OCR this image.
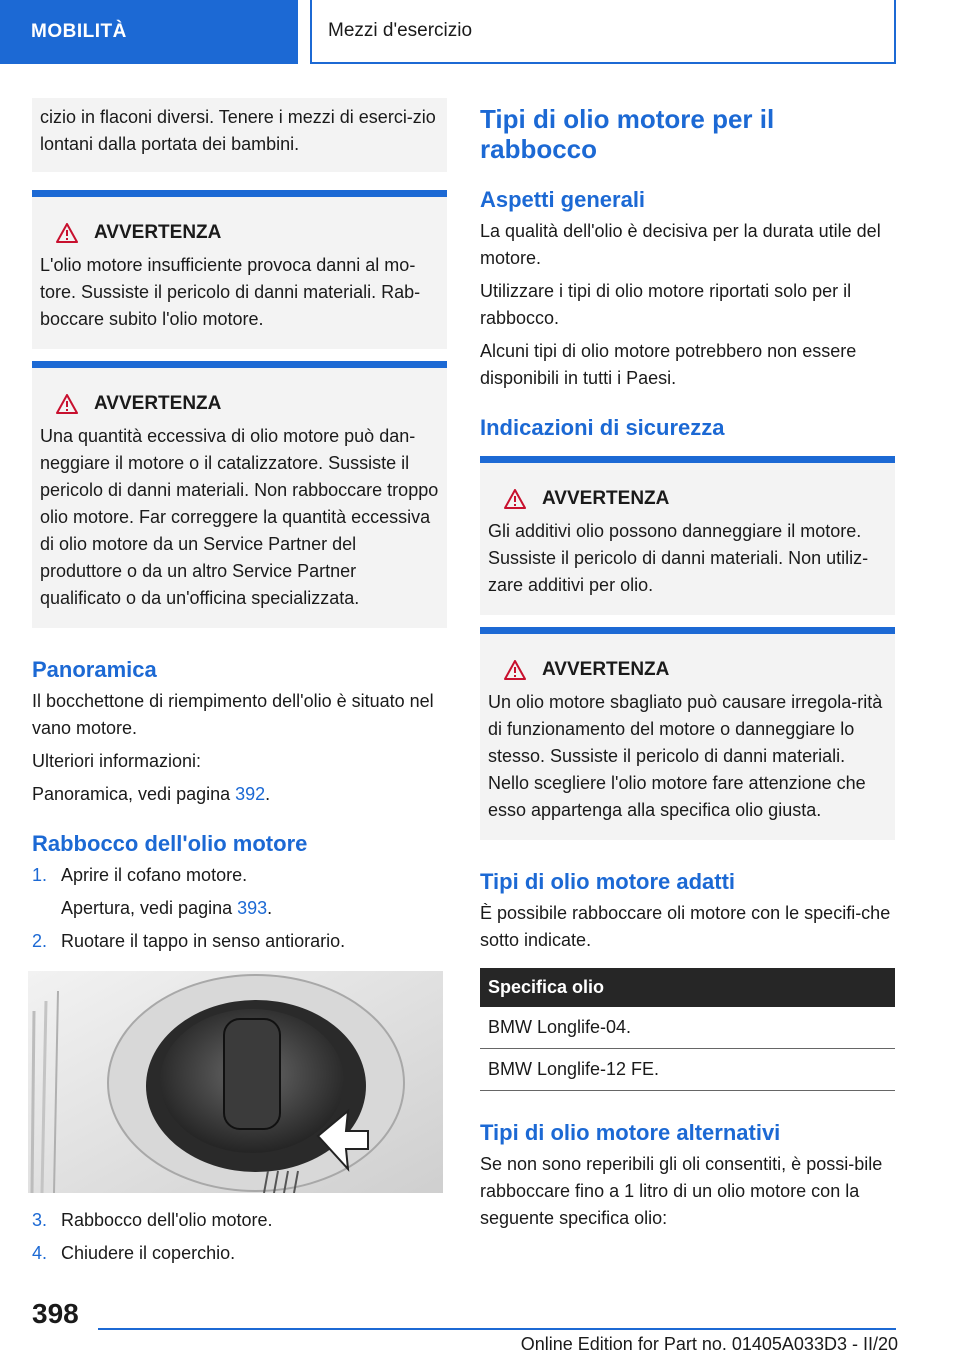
MOBILITÀ	Mezzi d'esercizio
cizio in flaconi diversi. Tenere i mezzi di eserci-zio lontani dalla portata dei bambini.
AVVERTENZA
L'olio motore insufficiente provoca danni al mo-tore. Sussiste il pericolo di danni materiali. Rab-boccare subito l'olio motore.
AVVERTENZA
Una quantità eccessiva di olio motore può dan-neggiare il motore o il catalizzatore. Sussiste il pericolo di danni materiali. Non rabboccare troppo olio motore. Far correggere la quantità eccessiva di olio motore da un Service Partner del produttore o da un altro Service Partner qualificato o da un'officina specializzata.
Panoramica

Il bocchettone di riempimento dell'olio è situato nel vano motore.

Ulteriori informazioni:

Panoramica, vedi pagina 392.

Rabbocco dell'olio motore
1. Aprire il cofano motore.
Apertura, vedi pagina 393.
2. Ruotare il tappo in senso antiorario.
3. Rabbocco dell'olio motore.
4. Chiudere il coperchio.
Tipi di olio motore per il rabbocco
Aspetti generali

La qualità dell'olio è decisiva per la durata utile del motore.

Utilizzare i tipi di olio motore riportati solo per il rabbocco.

Alcuni tipi di olio motore potrebbero non essere disponibili in tutti i Paesi.

Indicazioni di sicurezza
AVVERTENZA
Gli additivi olio possono danneggiare il motore. Sussiste il pericolo di danni materiali. Non utiliz-zare additivi per olio.
AVVERTENZA
Un olio motore sbagliato può causare irregola-rità di funzionamento del motore o danneggiare lo stesso. Sussiste il pericolo di danni materiali. Nello scegliere l'olio motore fare attenzione che esso appartenga alla specifica olio giusta.
Tipi di olio motore adatti

È possibile rabboccare oli motore con le specifi-che sotto indicate.

Specifica olio
BMW Longlife-04.
BMW Longlife-12 FE.
Tipi di olio motore alternativi

Se non sono reperibili gli oli consentiti, è possi-bile rabboccare fino a 1 litro di un olio motore con la seguente specifica olio:

398
Online Edition for Part no. 01405A033D3 - II/20
